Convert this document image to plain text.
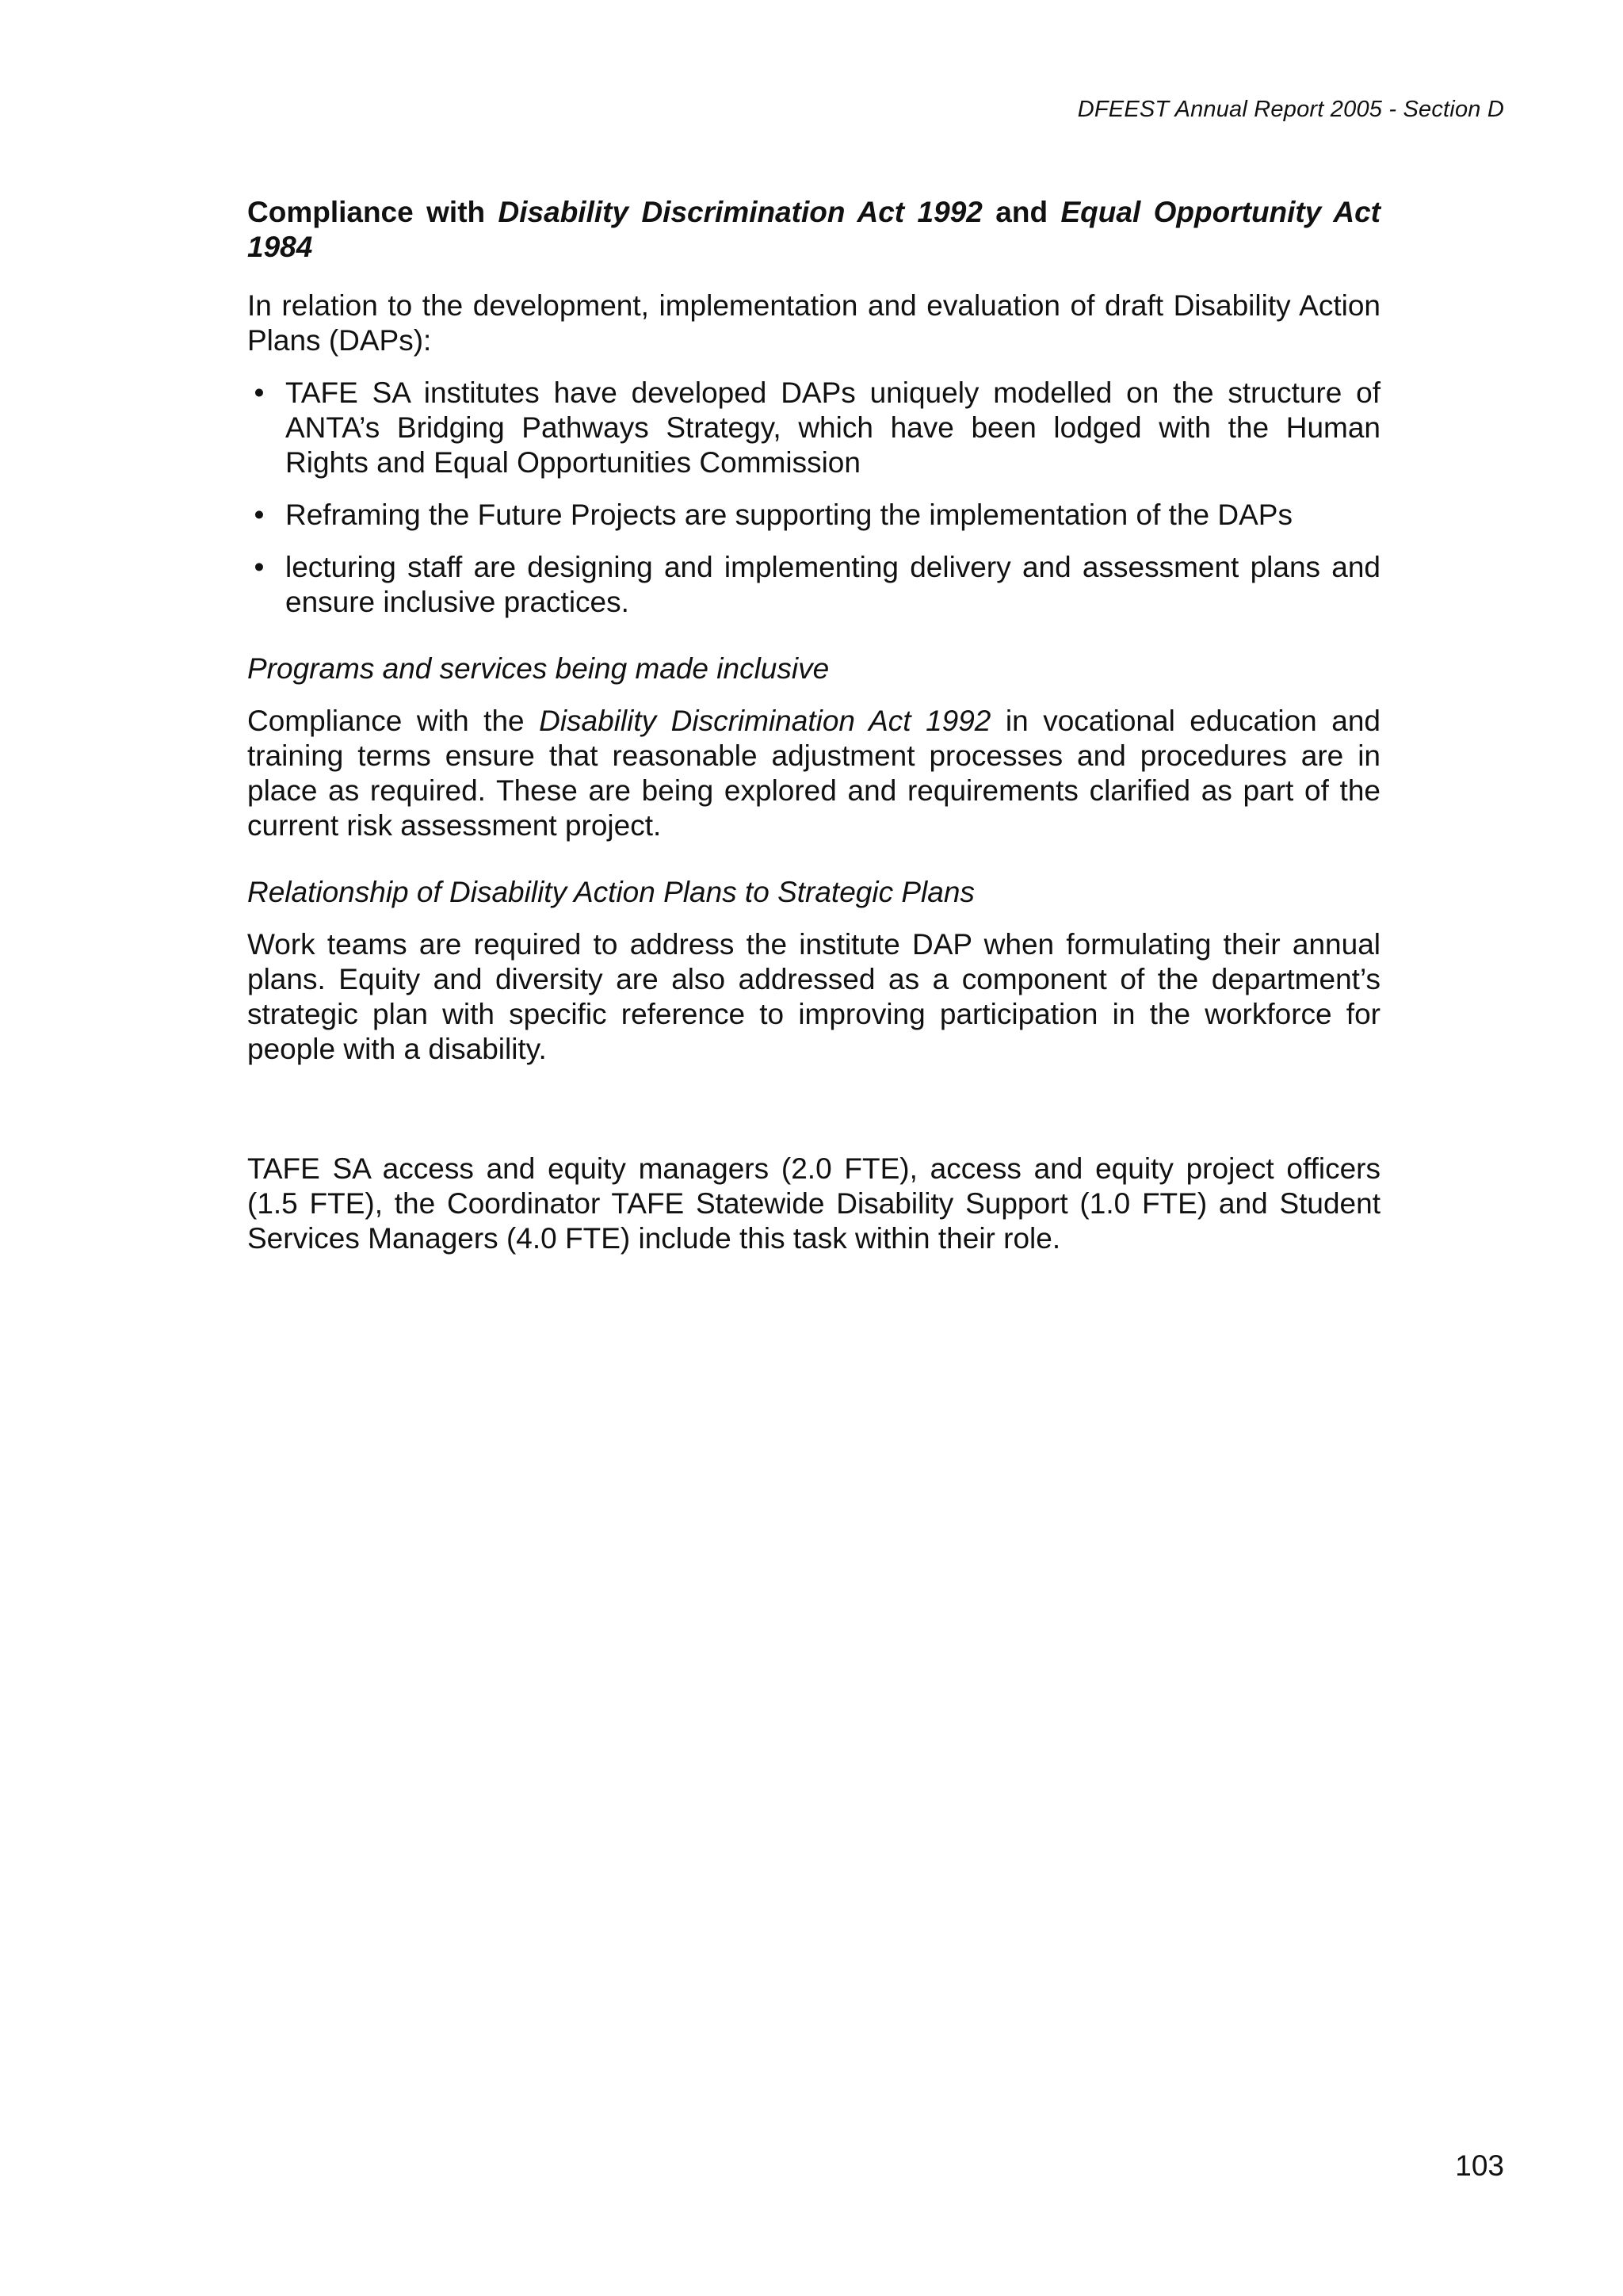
DFEEST Annual Report 2005 - Section D

Compliance with Disability Discrimination Act 1992 and Equal Opportunity Act 1984

In relation to the development, implementation and evaluation of draft Disability Action Plans (DAPs):

• TAFE SA institutes have developed DAPs uniquely modelled on the structure of ANTA’s Bridging Pathways Strategy, which have been lodged with the Human Rights and Equal Opportunities Commission
• Reframing the Future Projects are supporting the implementation of the DAPs
• lecturing staff are designing and implementing delivery and assessment plans and ensure inclusive practices.

Programs and services being made inclusive

Compliance with the Disability Discrimination Act 1992 in vocational education and training terms ensure that reasonable adjustment processes and procedures are in place as required. These are being explored and requirements clarified as part of the current risk assessment project.

Relationship of Disability Action Plans to Strategic Plans

Work teams are required to address the institute DAP when formulating their annual plans. Equity and diversity are also addressed as a component of the department’s strategic plan with specific reference to improving participation in the workforce for people with a disability.

TAFE SA access and equity managers (2.0 FTE), access and equity project officers (1.5 FTE), the Coordinator TAFE Statewide Disability Support (1.0 FTE) and Student Services Managers (4.0 FTE) include this task within their role.

103
